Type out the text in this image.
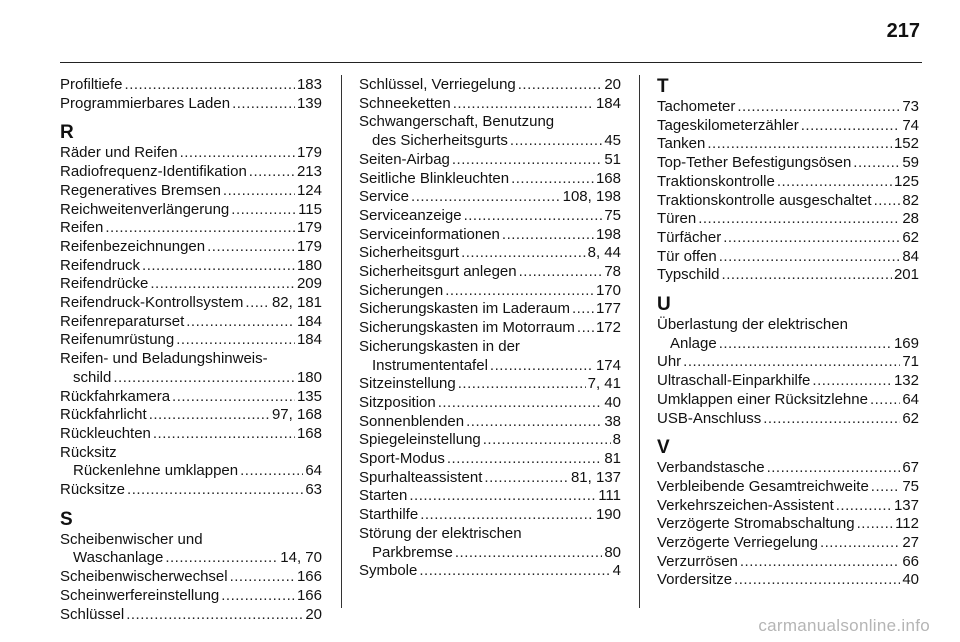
217
Profiltiefe .....	183
Programmierbares Laden .....	139
R
Räder und Reifen .....	179
Radiofrequenz-Identifikation .....	213
Regeneratives Bremsen .....	124
Reichweitenverlängerung .....	115
Reifen .....	179
Reifenbezeichnungen .....	179
Reifendruck .....	180
Reifendrücke .....	209
Reifendruck-Kontrollsystem ..... 82, 181
Reifenreparaturset .....	184
Reifenumrüstung .....	184
Reifen- und Beladungshinweis-
schild .....	180
Rückfahrkamera .....	135
Rückfahrlicht .....	97, 168
Rückleuchten .....	168
Rücksitz
Rückenlehne umklappen .....	64
Rücksitze .....	63
S
Scheibenwischer und
Waschanlage .....	14, 70
Scheibenwischerwechsel .....	166
Scheinwerfereinstellung .....	166
Schlüssel .....	20
Schlüssel, Verriegelung .....	20
Schneeketten .....	184
Schwangerschaft, Benutzung
des Sicherheitsgurts .....	45
Seiten-Airbag .....	51
Seitliche Blinkleuchten .....	168
Service .....	108, 198
Serviceanzeige .....	75
Serviceinformationen .....	198
Sicherheitsgurt .....	8, 44
Sicherheitsgurt anlegen .....	78
Sicherungen .....	170
Sicherungskasten im Laderaum ..... 177
Sicherungskasten im Motorraum ..... 172
Sicherungskasten in der
Instrumententafel .....	174
Sitzeinstellung .....	7, 41
Sitzposition .....	40
Sonnenblenden .....	38
Spiegeleinstellung .....	8
Sport-Modus .....	81
Spurhalteassistent .....	81, 137
Starten .....	111
Starthilfe .....	190
Störung der elektrischen
Parkbremse .....	80
Symbole .....	4
T
Tachometer .....	73
Tageskilometerzähler .....	74
Tanken .....	152
Top-Tether Befestigungsösen .....	59
Traktionskontrolle .....	125
Traktionskontrolle ausgeschaltet ..... 82
Türen .....	28
Türfächer .....	62
Tür offen .....	84
Typschild .....	201
U
Überlastung der elektrischen
Anlage .....	169
Uhr .....	71
Ultraschall-Einparkhilfe .....	132
Umklappen einer Rücksitzlehne ..... 64
USB-Anschluss .....	62
V
Verbandstasche .....	67
Verbleibende Gesamtreichweite ..... 75
Verkehrszeichen-Assistent .....	137
Verzögerte Stromabschaltung .....	112
Verzögerte Verriegelung .....	27
Verzurrösen .....	66
Vordersitze .....	40
carmanualsonline.info
